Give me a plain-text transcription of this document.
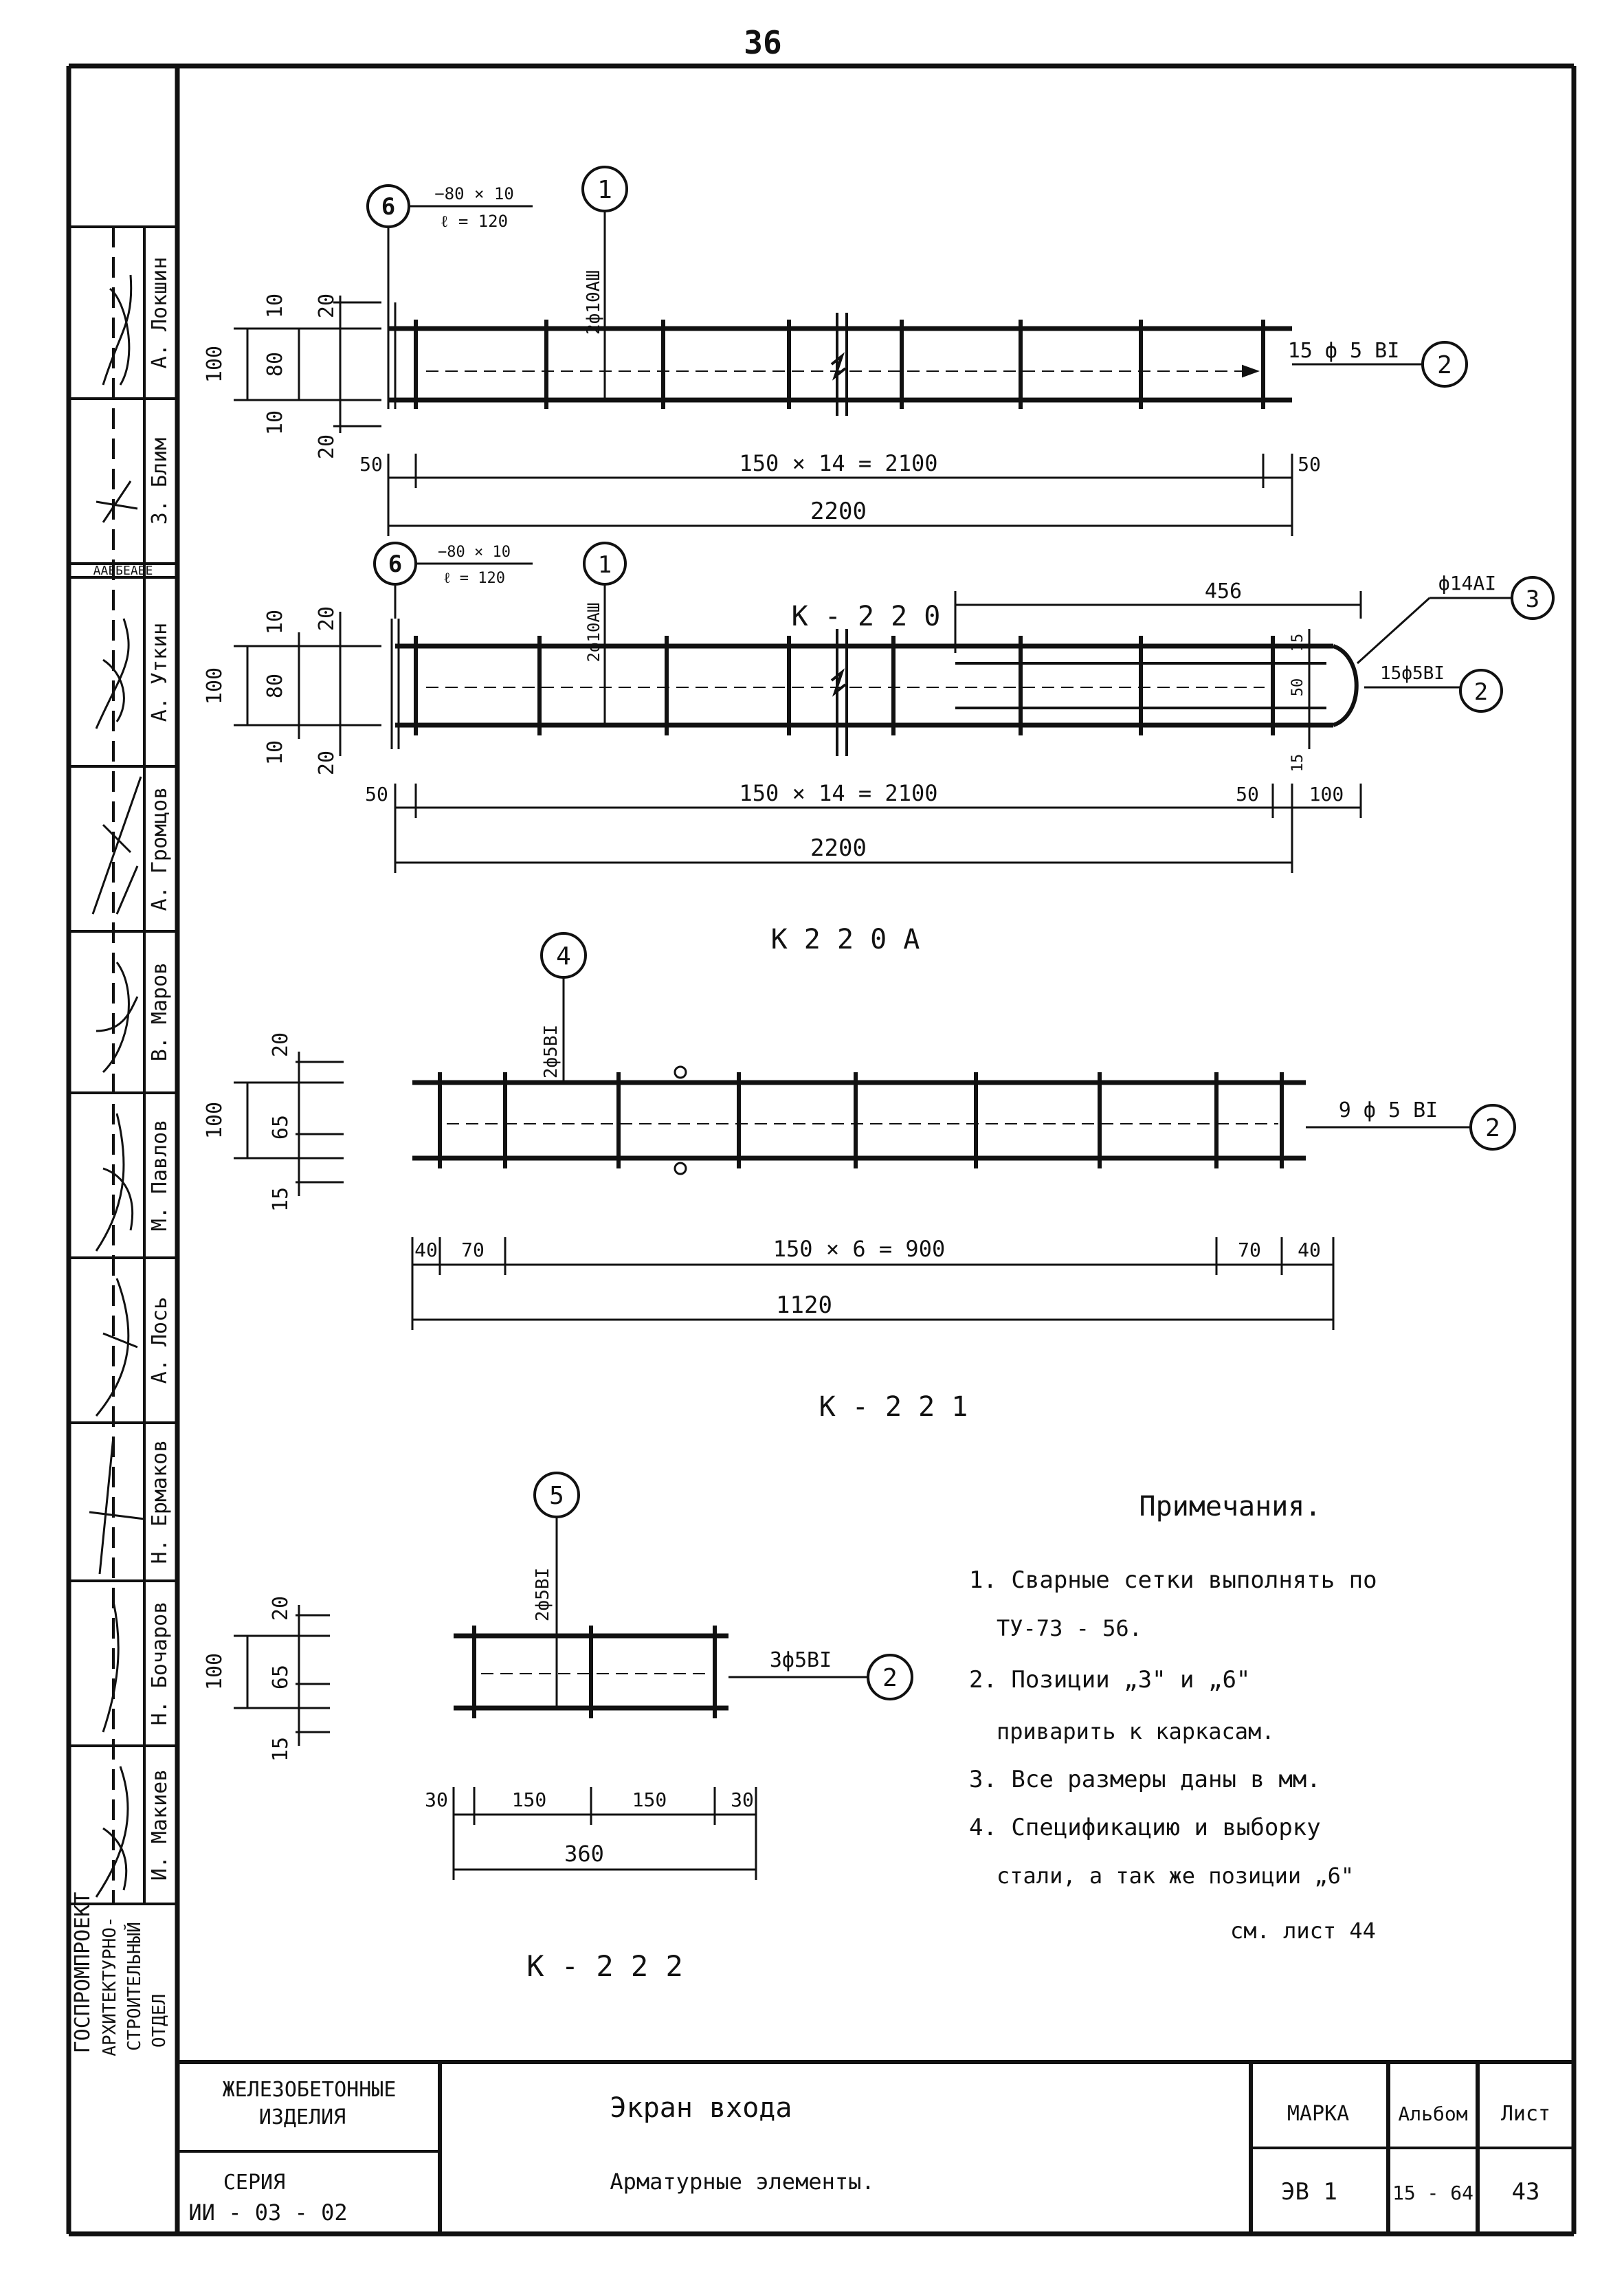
36
ААЕБЕАЕЕ
А. Локшин
З. Блим
А. Уткин
А. Громцов
В. Маров
М. Павлов
А. Лось
Н. Ермаков
Н. Бочаров
И. Макиев
ГОСПРОМПРОЕКТ АРХИТЕКТУРНО- СТРОИТЕЛЬНЫЙ ОТДЕЛ
100
10
80
10
20
20
50	150 × 14 = 2100	50
2200
6 −80 × 10
ℓ = 120
1
2ф10АШ
2
15 ф 5 ВI
К - 2 2 0
100
10
80
10
20
20
456
15
50
15
50	150 × 14 = 2100	50	100
2200
6 −80 × 10
ℓ = 120	1
2ф10АШ
3
ф14АI
2
15ф5ВI
К 2 2 0 А
100
20
65
15
40 70	150 × 6 = 900	70 40
1120
4
2ф5ВI
2
9 ф 5 ВI
К - 2 2 1
100
20
65
15
30	150	150	30
360
5
2ф5ВI
2
3ф5ВI
К - 2 2 2
Примечания.
1. Сварные сетки выполнять по
ТУ-73 - 56.
2. Позиции „3" и „6"
приварить к каркасам.
3. Все размеры даны в мм.
4. Спецификацию и выборку
стали, а так же позиции „6"
см. лист 44
ЖЕЛЕЗОБЕТОННЫЕ
ИЗДЕЛИЯ
СЕРИЯ
ИИ - 03 - 02
Экран входа
Арматурные элементы.
МАРКА
ЭВ 1
Альбом
15 - 64
Лист
43
